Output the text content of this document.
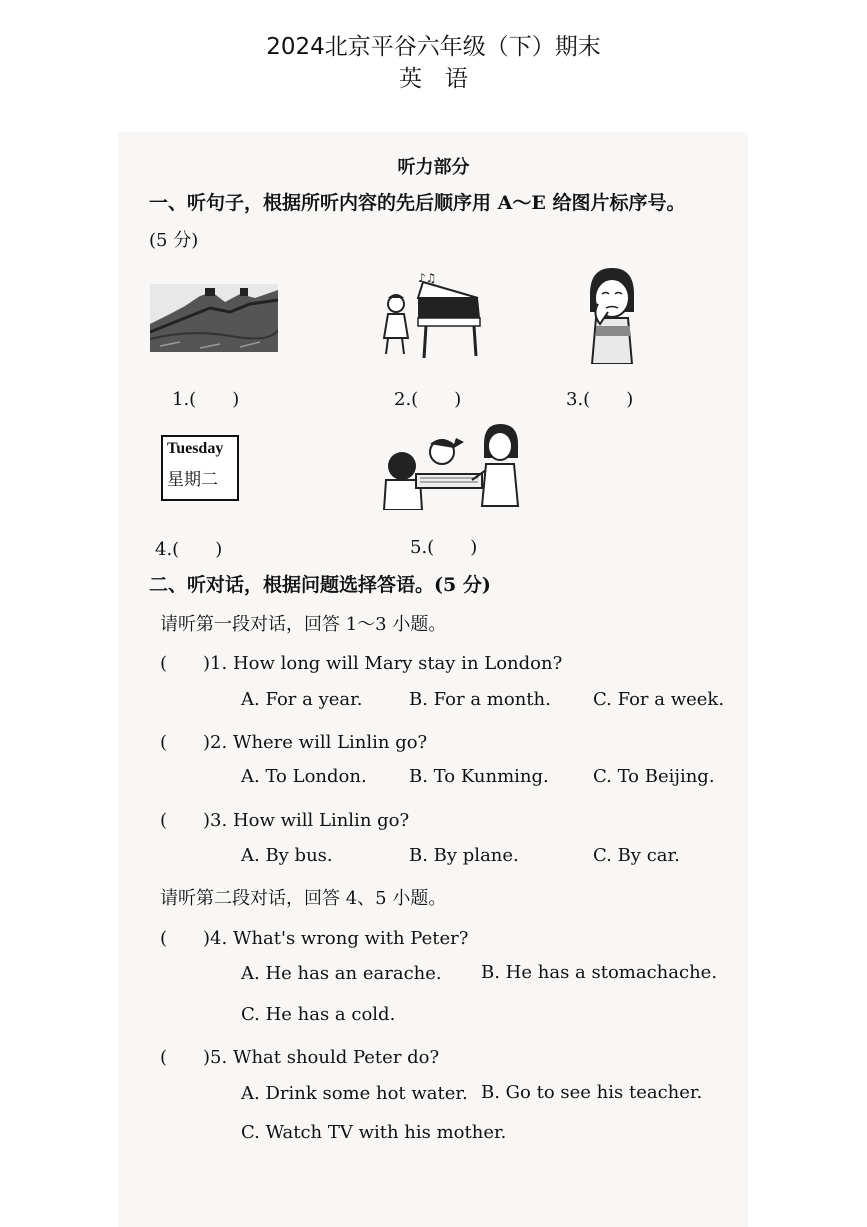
2024北京平谷六年级（下）期末
英　语
听力部分
一、听句子，根据所听内容的先后顺序用 A～E 给图片标序号。
(5 分)
♪♫
1.(　　)	2.(　　)	3.(　　)
Tuesday
星期二
4.(　　)	5.(　　)
二、听对话，根据问题选择答语。(5 分)
请听第一段对话，回答 1～3 小题。
(　　)1. How long will Mary stay in London?
A. For a year.	B. For a month. C. For a week.
(　　)2. Where will Linlin go?
A. To London. B. To Kunming. C. To Beijing.
(　　)3. How will Linlin go?
A. By bus.	B. By plane.	C. By car.
请听第二段对话，回答 4、5 小题。
(　　)4. What's wrong with Peter?
A. He has an earache. B. He has a stomachache.
C. He has a cold.
(　　)5. What should Peter do?
A. Drink some hot water. B. Go to see his teacher.
C. Watch TV with his mother.
